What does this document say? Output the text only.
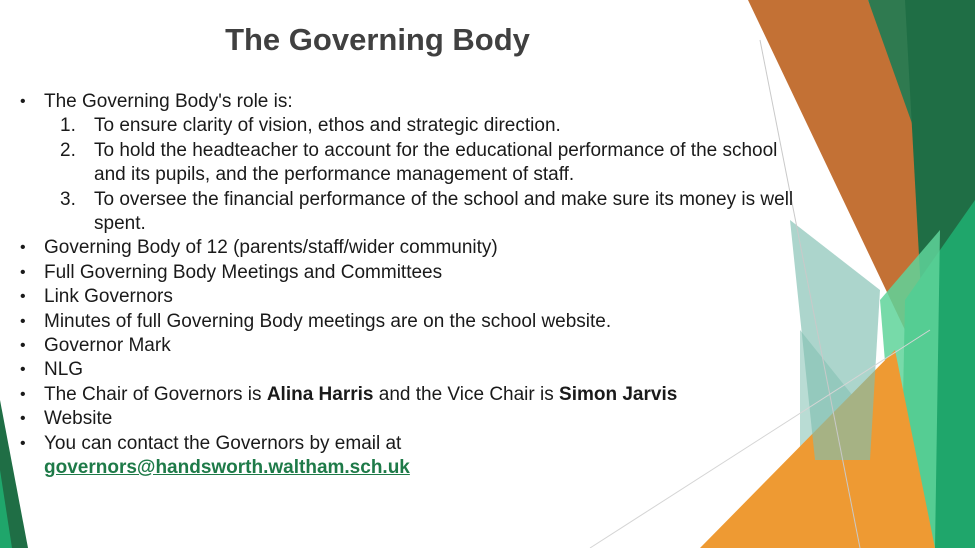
The Governing Body
• The Governing Body's role is:
1. To ensure clarity of vision, ethos and strategic direction.
2. To hold the headteacher to account for the educational performance of the school and its pupils, and the performance management of staff.
3. To oversee the financial performance of the school and make sure its money is well spent.
• Governing Body of 12 (parents/staff/wider community)
• Full Governing Body Meetings and Committees
• Link Governors
• Minutes of full Governing Body meetings are on the school website.
• Governor Mark
• NLG
• The Chair of Governors is Alina Harris and the Vice Chair is Simon Jarvis
• Website
• You can contact the Governors by email at
governors@handsworth.waltham.sch.uk
